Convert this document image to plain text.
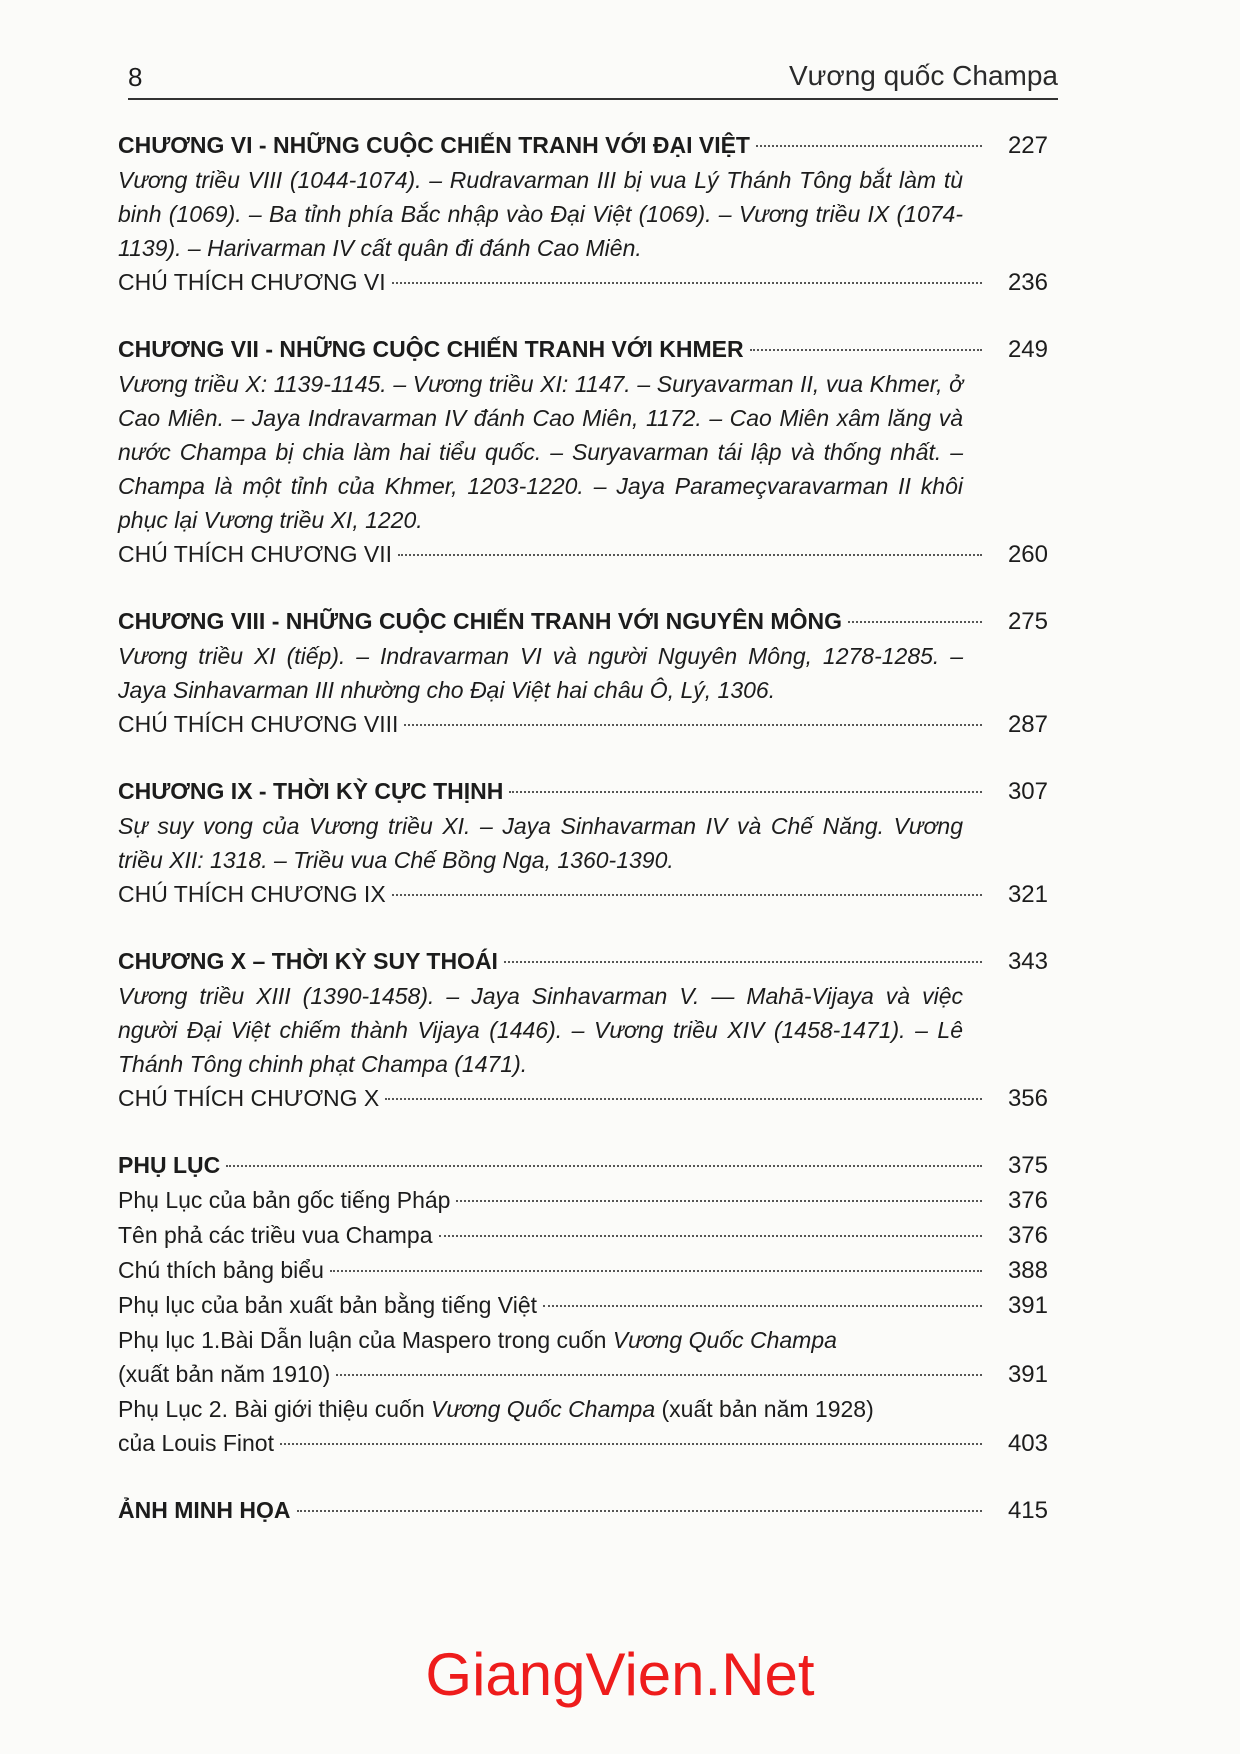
8	Vương quốc Champa
CHƯƠNG VI - NHỮNG CUỘC CHIẾN TRANH VỚI ĐẠI VIỆT	227
Vương triều VIII (1044-1074). – Rudravarman III bị vua Lý Thánh Tông bắt làm tù binh (1069). – Ba tỉnh phía Bắc nhập vào Đại Việt (1069). – Vương triều IX (1074-1139). – Harivarman IV cất quân đi đánh Cao Miên.
CHÚ THÍCH CHƯƠNG VI	236
CHƯƠNG VII - NHỮNG CUỘC CHIẾN TRANH VỚI KHMER	249
Vương triều X: 1139-1145. – Vương triều XI: 1147. – Suryavarman II, vua Khmer, ở Cao Miên. – Jaya Indravarman IV đánh Cao Miên, 1172. – Cao Miên xâm lăng và nước Champa bị chia làm hai tiểu quốc. – Suryavarman tái lập và thống nhất. – Champa là một tỉnh của Khmer, 1203-1220. – Jaya Parameçvaravarman II khôi phục lại Vương triều XI, 1220.
CHÚ THÍCH CHƯƠNG VII	260
CHƯƠNG VIII - NHỮNG CUỘC CHIẾN TRANH VỚI NGUYÊN MÔNG	275
Vương triều XI (tiếp). – Indravarman VI và người Nguyên Mông, 1278-1285. – Jaya Sinhavarman III nhường cho Đại Việt hai châu Ô, Lý, 1306.
CHÚ THÍCH CHƯƠNG VIII	287
CHƯƠNG IX - THỜI KỲ CỰC THỊNH	307
Sự suy vong của Vương triều XI. – Jaya Sinhavarman IV và Chế Năng. Vương triều XII: 1318. – Triều vua Chế Bồng Nga, 1360-1390.
CHÚ THÍCH CHƯƠNG IX	321
CHƯƠNG X – THỜI KỲ SUY THOÁI	343
Vương triều XIII (1390-1458). – Jaya Sinhavarman V. — Mahā-Vijaya và việc người Đại Việt chiếm thành Vijaya (1446). – Vương triều XIV (1458-1471). – Lê Thánh Tông chinh phạt Champa (1471).
CHÚ THÍCH CHƯƠNG X	356
PHỤ LỤC	375
Phụ Lục của bản gốc tiếng Pháp	376
Tên phả các triều vua Champa	376
Chú thích bảng biểu	388
Phụ lục của bản xuất bản bằng tiếng Việt	391
Phụ lục 1.Bài Dẫn luận của Maspero trong cuốn Vương Quốc Champa
(xuất bản năm 1910)	391
Phụ Lục 2. Bài giới thiệu cuốn Vương Quốc Champa (xuất bản năm 1928)
của Louis Finot	403
ẢNH MINH HỌA	415
GiangVien.Net
